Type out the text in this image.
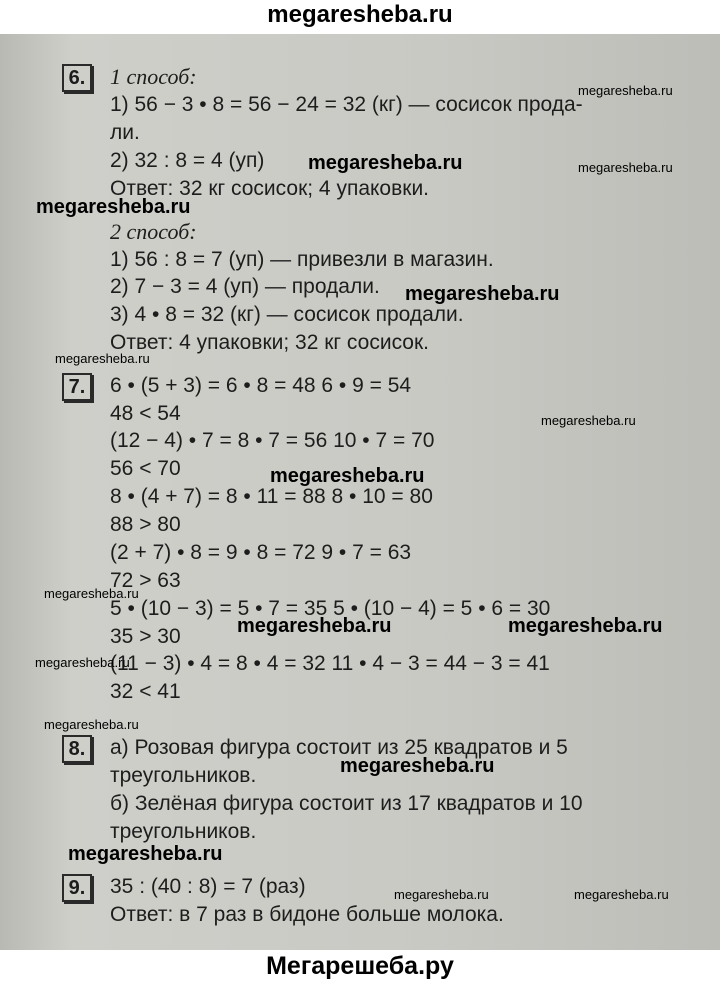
megaresheba.ru
6.	1 способ:
1) 56 − 3 • 8 = 56 − 24 = 32 (кг) — сосисок прода-
ли.
2) 32 : 8 = 4 (уп)
Ответ: 32 кг сосисок; 4 упаковки.
2 способ:
1) 56 : 8 = 7 (уп) — привезли в магазин.
2) 7 − 3 = 4 (уп) — продали.
3) 4 • 8 = 32 (кг) — сосисок продали.
Ответ: 4 упаковки; 32 кг сосисок.
7.	6 • (5 + 3) = 6 • 8 = 48 6 • 9 = 54
48 < 54
(12 − 4) • 7 = 8 • 7 = 56 10 • 7 = 70
56 < 70
8 • (4 + 7) = 8 • 11 = 88 8 • 10 = 80
88 > 80
(2 + 7) • 8 = 9 • 8 = 72 9 • 7 = 63
72 > 63
5 • (10 − 3) = 5 • 7 = 35 5 • (10 − 4) = 5 • 6 = 30
35 > 30
(11 − 3) • 4 = 8 • 4 = 32 11 • 4 − 3 = 44 − 3 = 41
32 < 41
8.	а) Розовая фигура состоит из 25 квадратов и 5
треугольников.
б) Зелёная фигура состоит из 17 квадратов и 10
треугольников.
9.	35 : (40 : 8) = 7 (раз)
Ответ: в 7 раз в бидоне больше молока.
megaresheba.ru
megaresheba.ru	megaresheba.ru
megaresheba.ru
megaresheba.ru
megaresheba.ru
megaresheba.ru
megaresheba.ru
megaresheba.ru
megaresheba.ru	megaresheba.ru
megaresheba.ru
megaresheba.ru
megaresheba.ru
megaresheba.ru
megaresheba.ru	megaresheba.ru
Мегарешеба.ру
